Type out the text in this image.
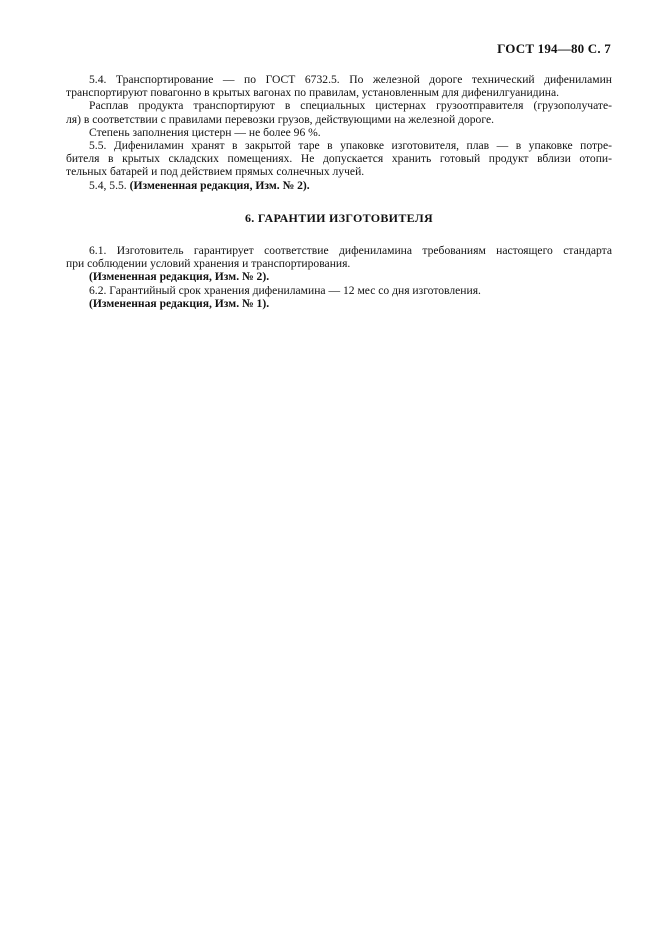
ГОСТ 194—80 С. 7

5.4. Транспортирование — по ГОСТ 6732.5. По железной дороге технический дифениламин

транспортируют повагонно в крытых вагонах по правилам, установленным для дифенилгуанидина.

Расплав продукта транспортируют в специальных цистернах грузоотправителя (грузополучате-

ля) в соответствии с правилами перевозки грузов, действующими на железной дороге.

Степень заполнения цистерн — не более 96 %.

5.5. Дифениламин хранят в закрытой таре в упаковке изготовителя, плав — в упаковке потре-

бителя в крытых складских помещениях. Не допускается хранить готовый продукт вблизи отопи-

тельных батарей и под действием прямых солнечных лучей.

5.4, 5.5. (Измененная редакция, Изм. № 2).

6. ГАРАНТИИ ИЗГОТОВИТЕЛЯ

6.1. Изготовитель гарантирует соответствие дифениламина требованиям настоящего стандарта

при соблюдении условий хранения и транспортирования.

(Измененная редакция, Изм. № 2).

6.2. Гарантийный срок хранения дифениламина — 12 мес со дня изготовления.

(Измененная редакция, Изм. № 1).
